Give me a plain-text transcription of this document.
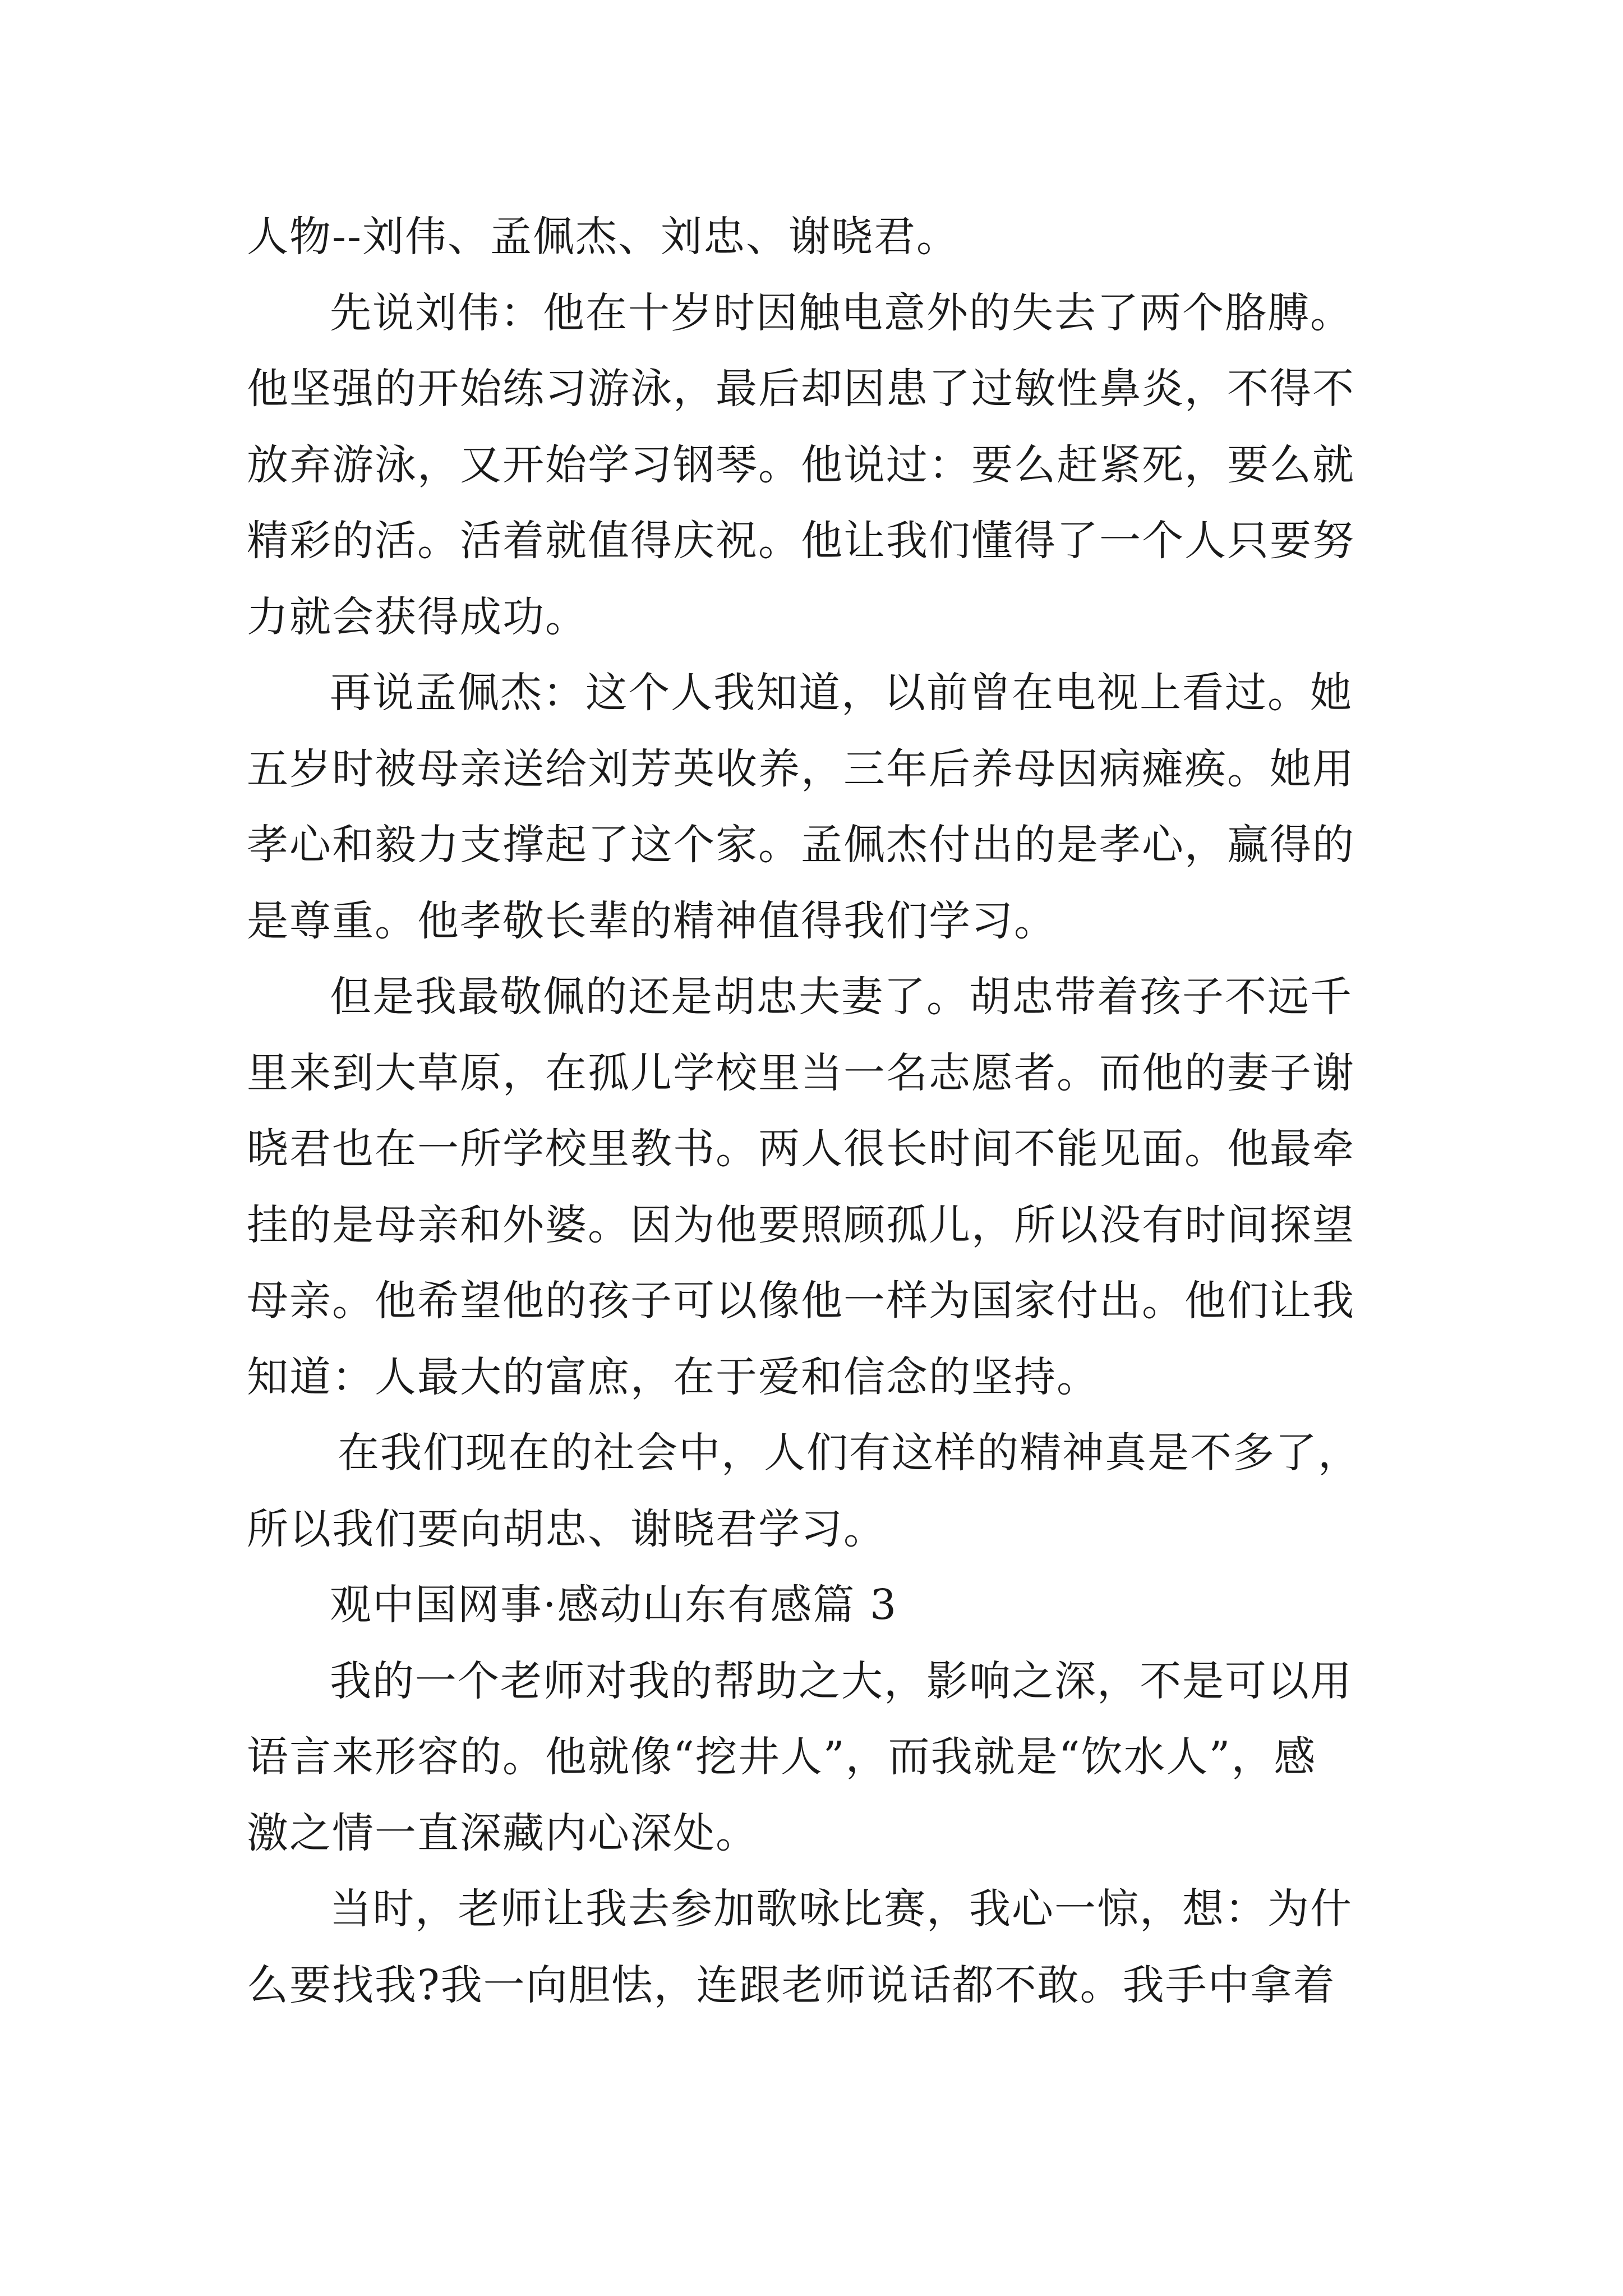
人物--刘伟、孟佩杰、刘忠、谢晓君。
先说刘伟：他在十岁时因触电意外的失去了两个胳膊。
他坚强的开始练习游泳，最后却因患了过敏性鼻炎，不得不
放弃游泳，又开始学习钢琴。他说过：要么赶紧死，要么就
精彩的活。活着就值得庆祝。他让我们懂得了一个人只要努
力就会获得成功。
再说孟佩杰：这个人我知道，以前曾在电视上看过。她
五岁时被母亲送给刘芳英收养，三年后养母因病瘫痪。她用
孝心和毅力支撑起了这个家。孟佩杰付出的是孝心，赢得的
是尊重。他孝敬长辈的精神值得我们学习。
但是我最敬佩的还是胡忠夫妻了。胡忠带着孩子不远千
里来到大草原，在孤儿学校里当一名志愿者。而他的妻子谢
晓君也在一所学校里教书。两人很长时间不能见面。他最牵
挂的是母亲和外婆。因为他要照顾孤儿，所以没有时间探望
母亲。他希望他的孩子可以像他一样为国家付出。他们让我
知道：人最大的富庶，在于爱和信念的坚持。
在我们现在的社会中，人们有这样的精神真是不多了，
所以我们要向胡忠、谢晓君学习。
观中国网事·感动山东有感篇 3
我的一个老师对我的帮助之大，影响之深，不是可以用
语言来形容的。他就像“挖井人”，而我就是“饮水人”，感
激之情一直深藏内心深处。
当时，老师让我去参加歌咏比赛，我心一惊，想：为什
么要找我?我一向胆怯，连跟老师说话都不敢。我手中拿着
